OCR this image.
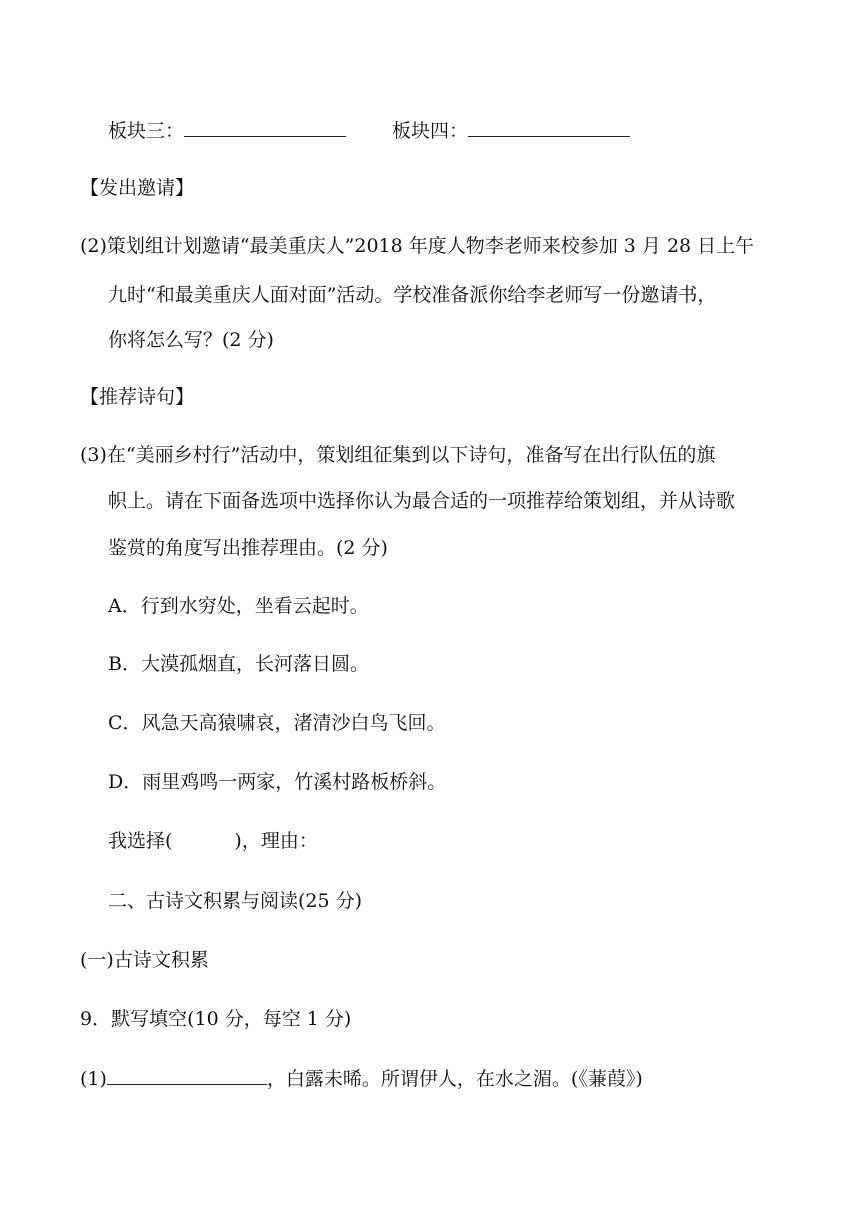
板块三：	板块四：
【发出邀请】
(2)策划组计划邀请“最美重庆人”2018 年度人物李老师来校参加 3 月 28 日上午
九时“和最美重庆人面对面”活动。学校准备派你给李老师写一份邀请书，
你将怎么写？(2 分)
【推荐诗句】
(3)在“美丽乡村行”活动中，策划组征集到以下诗句，准备写在出行队伍的旗
帜上。请在下面备选项中选择你认为最合适的一项推荐给策划组，并从诗歌
鉴赏的角度写出推荐理由。(2 分)
A．行到水穷处，坐看云起时。
B．大漠孤烟直，长河落日圆。
C．风急天高猿啸哀，渚清沙白鸟飞回。
D．雨里鸡鸣一两家，竹溪村路板桥斜。
我选择(	)，理由：
二、古诗文积累与阅读(25 分)
(一)古诗文积累
9．默写填空(10 分，每空 1 分)
(1)	，白露未晞。所谓伊人，在水之湄。(《蒹葭》)
